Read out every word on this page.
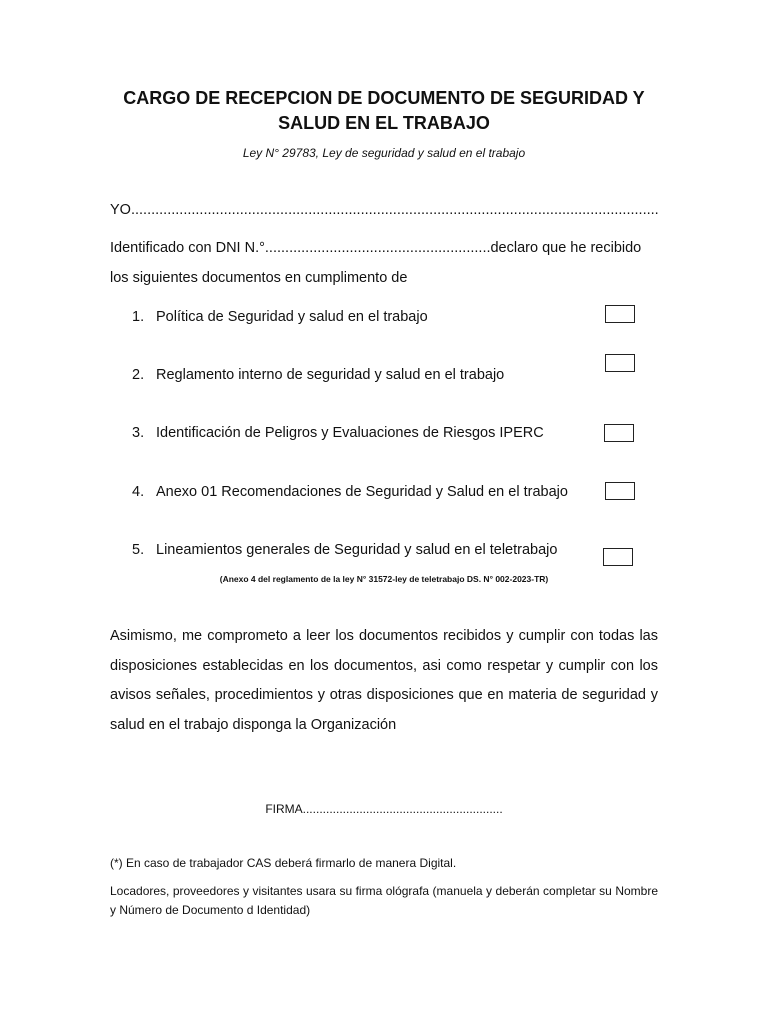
CARGO DE RECEPCION DE DOCUMENTO DE SEGURIDAD Y
SALUD EN EL TRABAJO
Ley N° 29783, Ley de seguridad y salud en el trabajo
YO...................................................................................................................................
Identificado con DNI N.°........................................................declaro que he recibido
los siguientes documentos en cumplimento de
1. Política de Seguridad y salud en el trabajo
2. Reglamento interno de seguridad y salud en el trabajo
3. Identificación de Peligros y Evaluaciones de Riesgos IPERC
4. Anexo 01 Recomendaciones de Seguridad y Salud en el trabajo
5. Lineamientos generales de Seguridad y salud en el teletrabajo
(Anexo 4 del reglamento de la ley N° 31572-ley de teletrabajo DS. N° 002-2023-TR)
Asimismo, me comprometo a leer los documentos recibidos y cumplir con todas las disposiciones establecidas en los documentos, asi como respetar y cumplir con los avisos señales, procedimientos y otras disposiciones que en materia de seguridad y salud en el trabajo disponga la Organización
FIRMA............................................................
(*) En caso de trabajador CAS deberá firmarlo de manera Digital.
Locadores, proveedores y visitantes usara su firma ológrafa (manuela y deberán completar su Nombre y Número de Documento d Identidad)
